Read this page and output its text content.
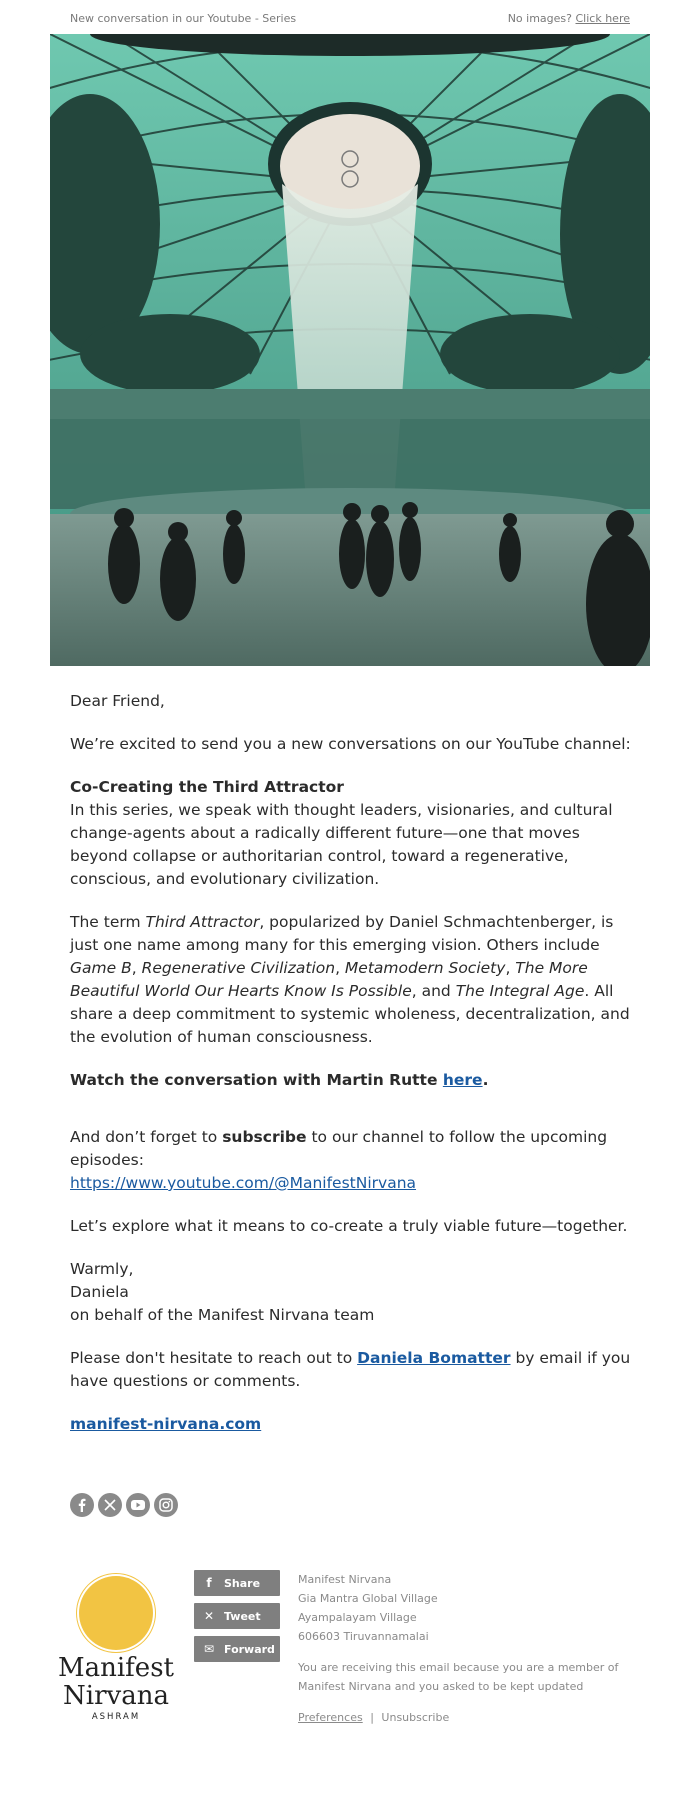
New conversation in our Youtube - Series	No images? Click here

Dear Friend,

We’re excited to send you a new conversations on our YouTube channel:

Co-Creating the Third Attractor
In this series, we speak with thought leaders, visionaries, and cultural change-agents about a radically different future—one that moves beyond collapse or authoritarian control, toward a regenerative, conscious, and evolutionary civilization.

The term Third Attractor, popularized by Daniel Schmachtenberger, is just one name among many for this emerging vision. Others include Game B, Regenerative Civilization, Metamodern Society, The More Beautiful World Our Hearts Know Is Possible, and The Integral Age. All share a deep commitment to systemic wholeness, decentralization, and the evolution of human consciousness.

Watch the conversation with Martin Rutte here.

And don’t forget to subscribe to our channel to follow the upcoming episodes:
https://www.youtube.com/@ManifestNirvana

Let’s explore what it means to co-create a truly viable future—together.

Warmly,
Daniela
on behalf of the Manifest Nirvana team

Please don't hesitate to reach out to Daniela Bomatter by email if you have questions or comments.

manifest-nirvana.com

Manifest
Nirvana
ASHRAM
f	Share
✕ Tweet
✉ Forward
Manifest Nirvana
Gia Mantra Global Village
Ayampalayam Village
606603 Tiruvannamalai
You are receiving this email because you are a member of Manifest Nirvana and you asked to be kept updated
Preferences | Unsubscribe
